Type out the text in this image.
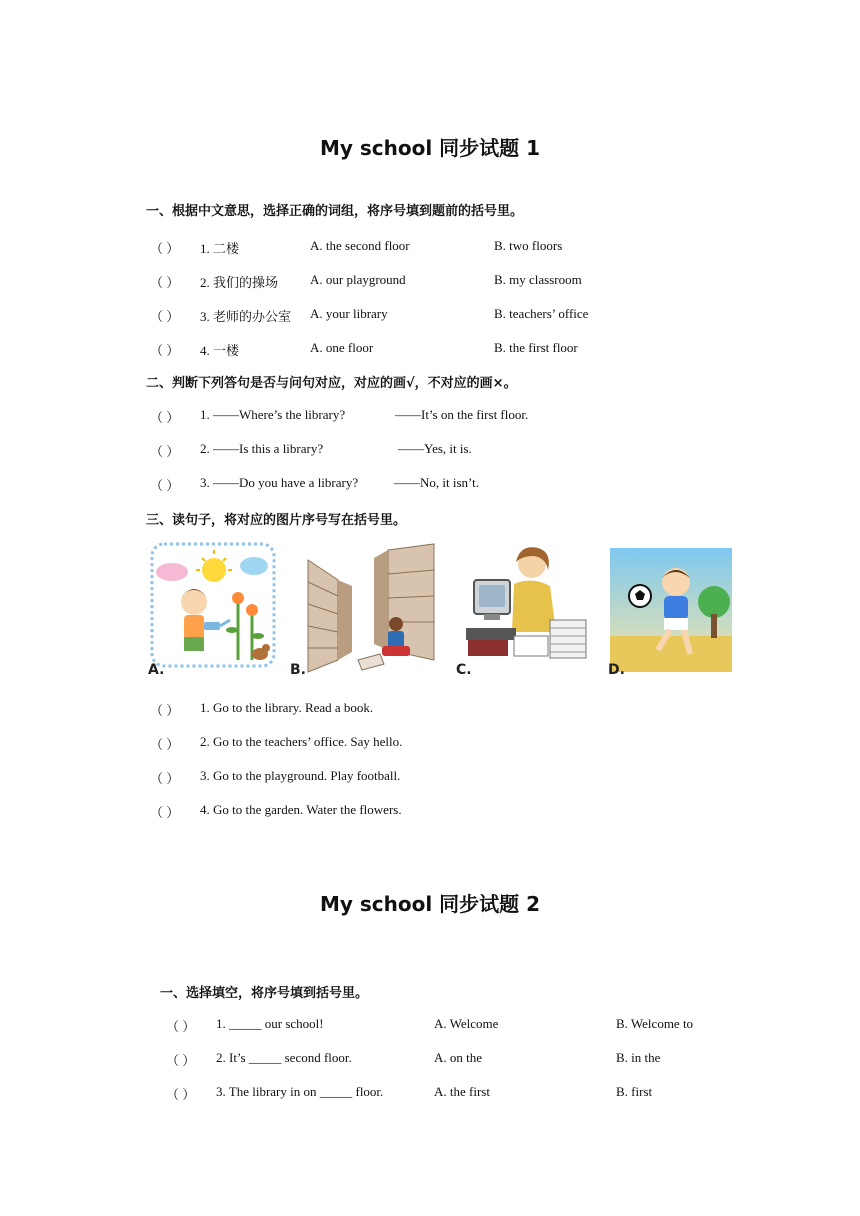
My school 同步试题 1
一、根据中文意思，选择正确的词组，将序号填到题前的括号里。
（ ） 1. 二楼	A. the second floor	B. two floors
（ ） 2. 我们的操场 A. our playground	B. my classroom
（ ） 3. 老师的办公室 A. your library	B. teachers’ office
（ ） 4. 一楼	A. one floor	B. the first floor
二、判断下列答句是否与问句对应，对应的画√，不对应的画×。
（ ） 1. ——Where’s the library?	——It’s on the first floor.
（ ） 2. ——Is this a library?	——Yes, it is.
（ ） 3. ——Do you have a library?	——No, it isn’t.
三、读句子，将对应的图片序号写在括号里。
A.	B.	C.	D.
（ ） 1. Go to the library. Read a book.
（ ） 2. Go to the teachers’ office. Say hello.
（ ） 3. Go to the playground. Play football.
（ ） 4. Go to the garden. Water the flowers.
My school 同步试题 2
一、选择填空，将序号填到括号里。
（ ） 1. _____ our school!	A. Welcome	B. Welcome to
（ ） 2. It’s _____ second floor.	A. on the	B. in the
（ ） 3. The library in on _____ floor.	A. the first	B. first
